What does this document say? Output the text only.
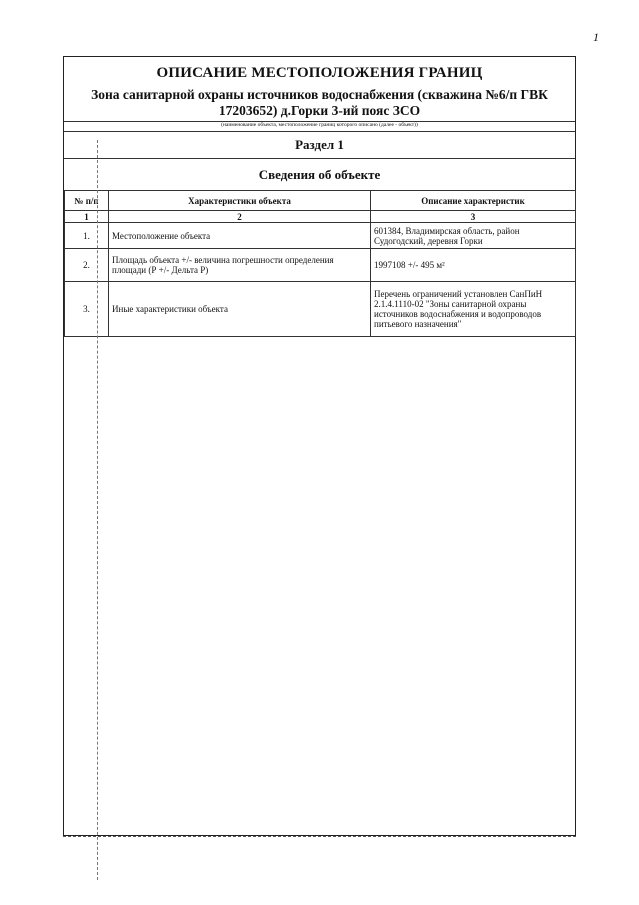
1
ОПИСАНИЕ МЕСТОПОЛОЖЕНИЯ ГРАНИЦ
Зона санитарной охраны источников водоснабжения (скважина №6/п ГВК 17203652) д.Горки 3-ий пояс ЗСО
(наименование объекта, местоположение границ которого описано (далее - объект))
Раздел 1
Сведения об объекте
№ п/п	Характеристики объекта	Описание характеристик
1	2	3
1.	Местоположение объекта	601384, Владимирская область, район Судогодский, деревня Горки
2.	Площадь объекта +/- величина погрешности определения площади (Р +/- Дельта Р)	1997108 +/- 495 м²
3.	Иные характеристики объекта	Перечень ограничений установлен СанПиН 2.1.4.1110-02 "Зоны санитарной охраны источников водоснабжения и водопроводов питьевого назначения"
